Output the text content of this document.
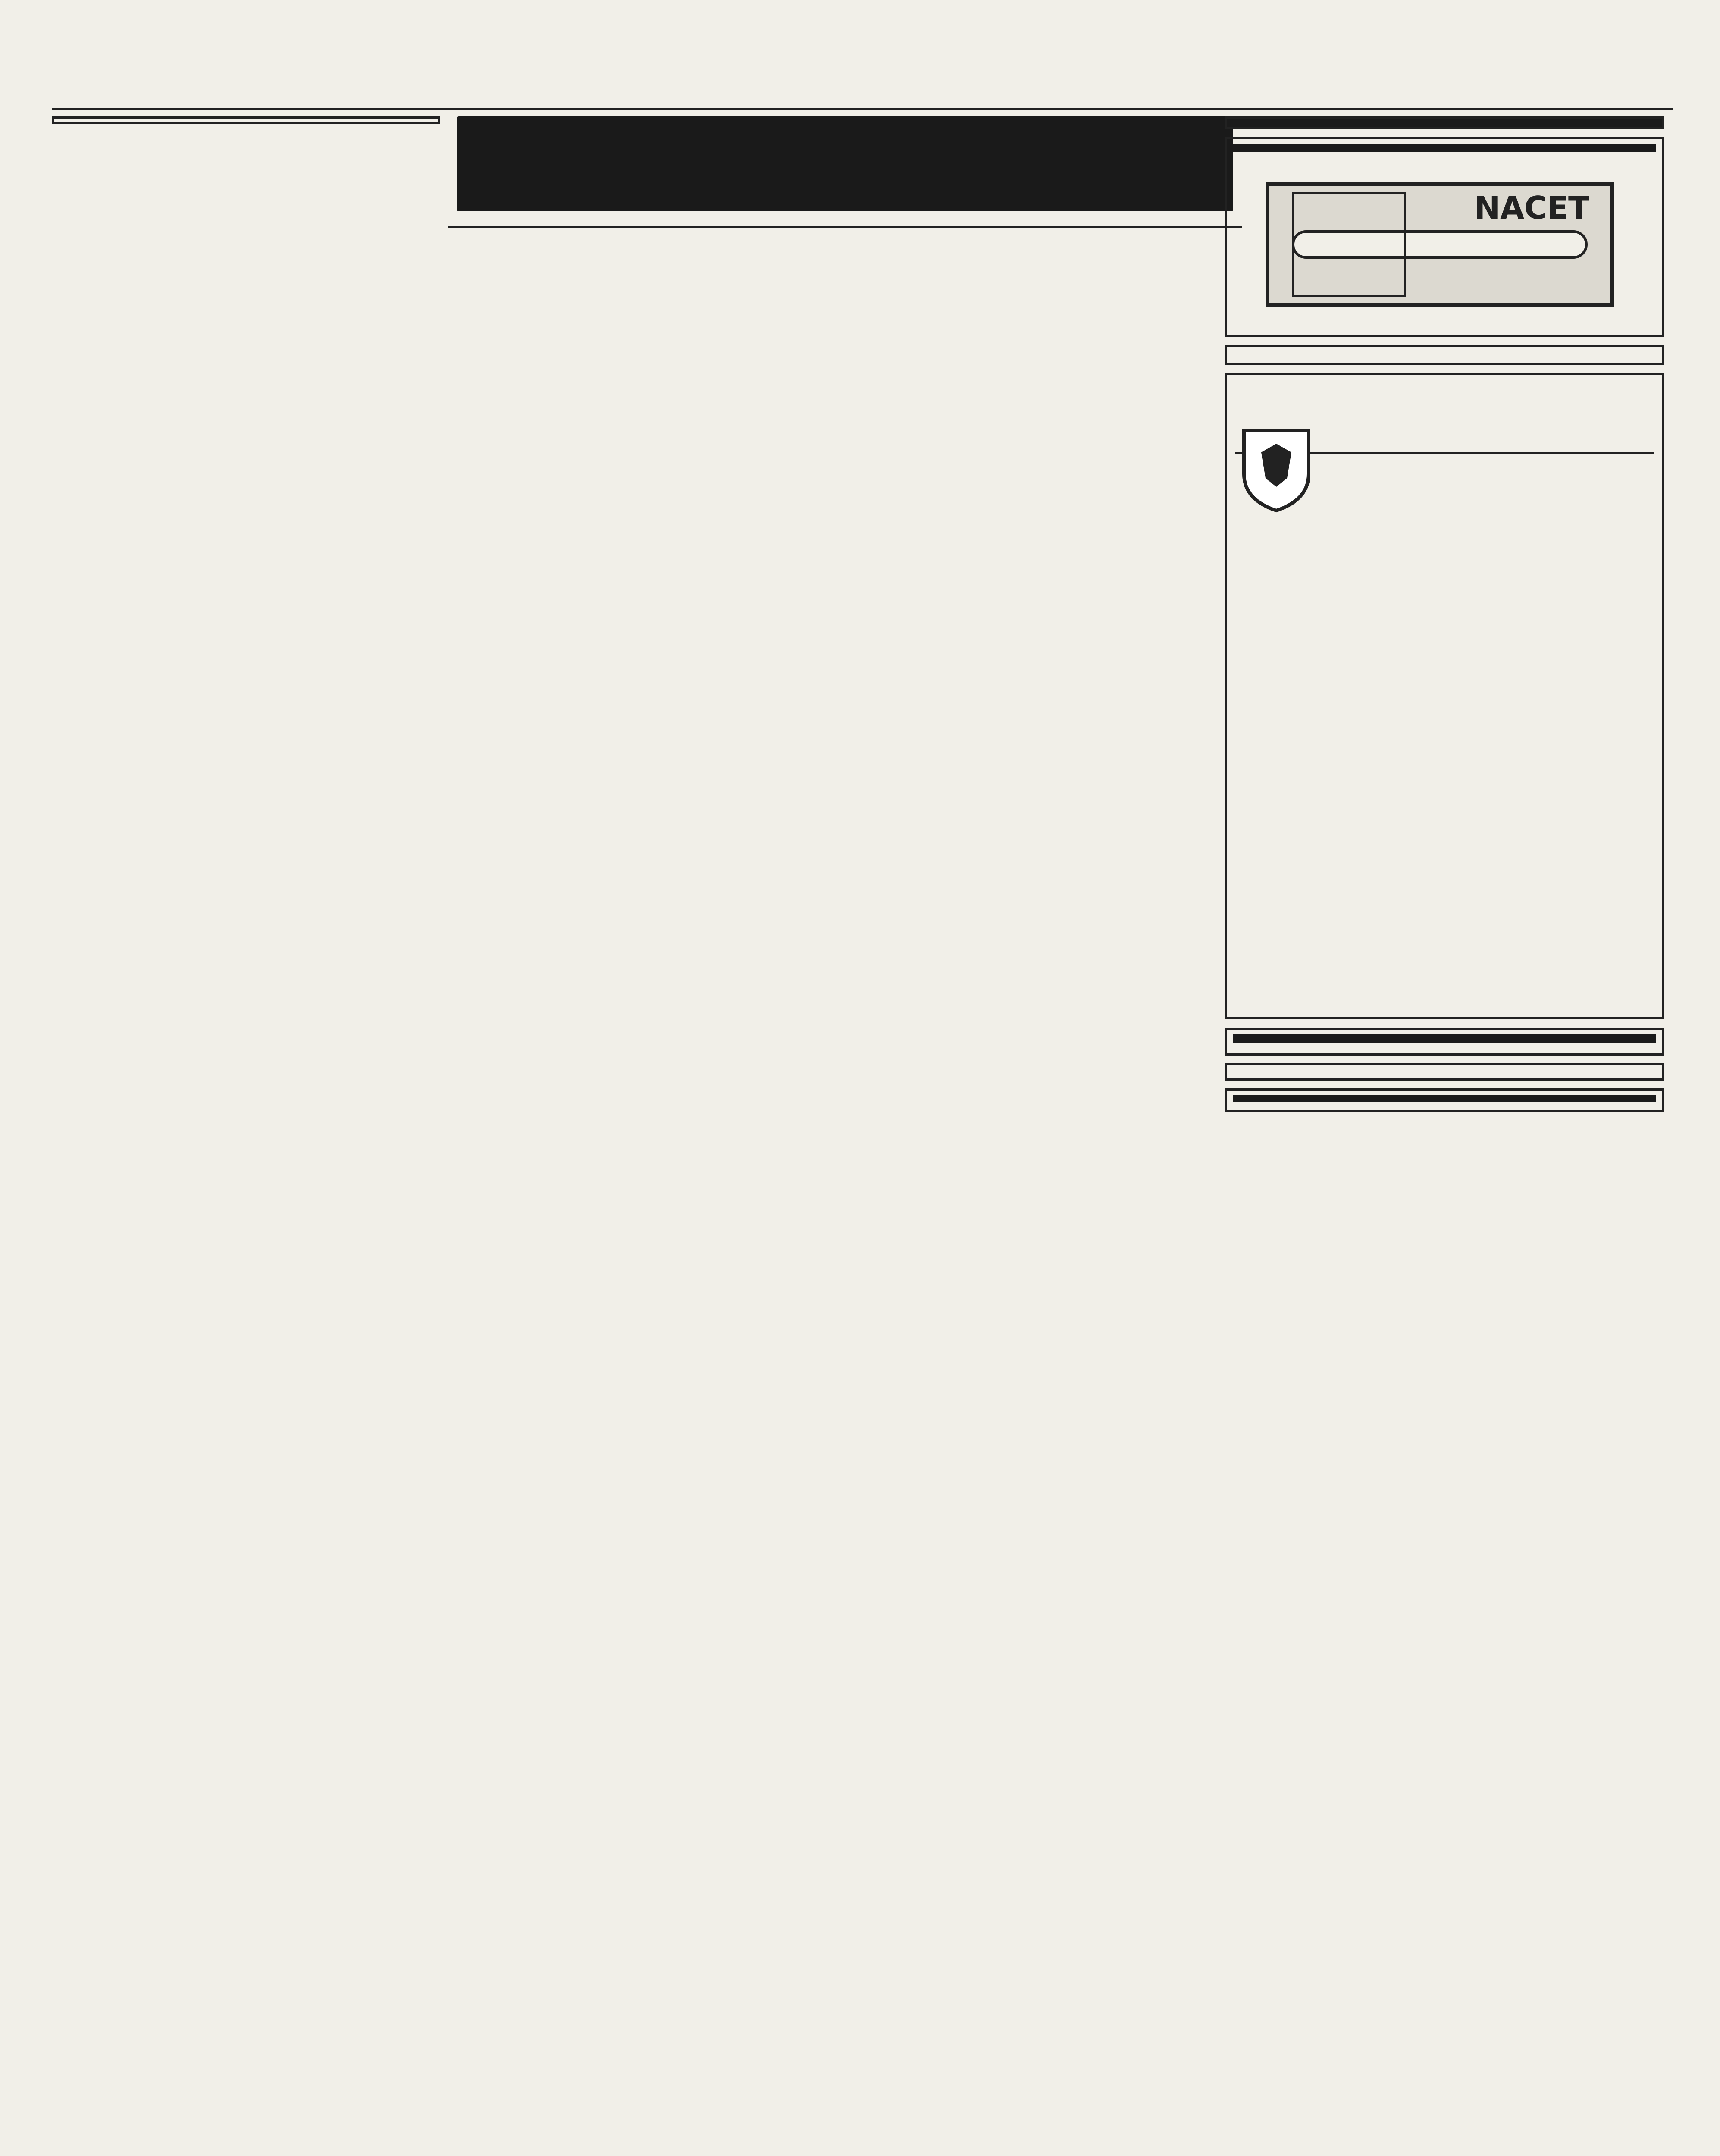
NACET
